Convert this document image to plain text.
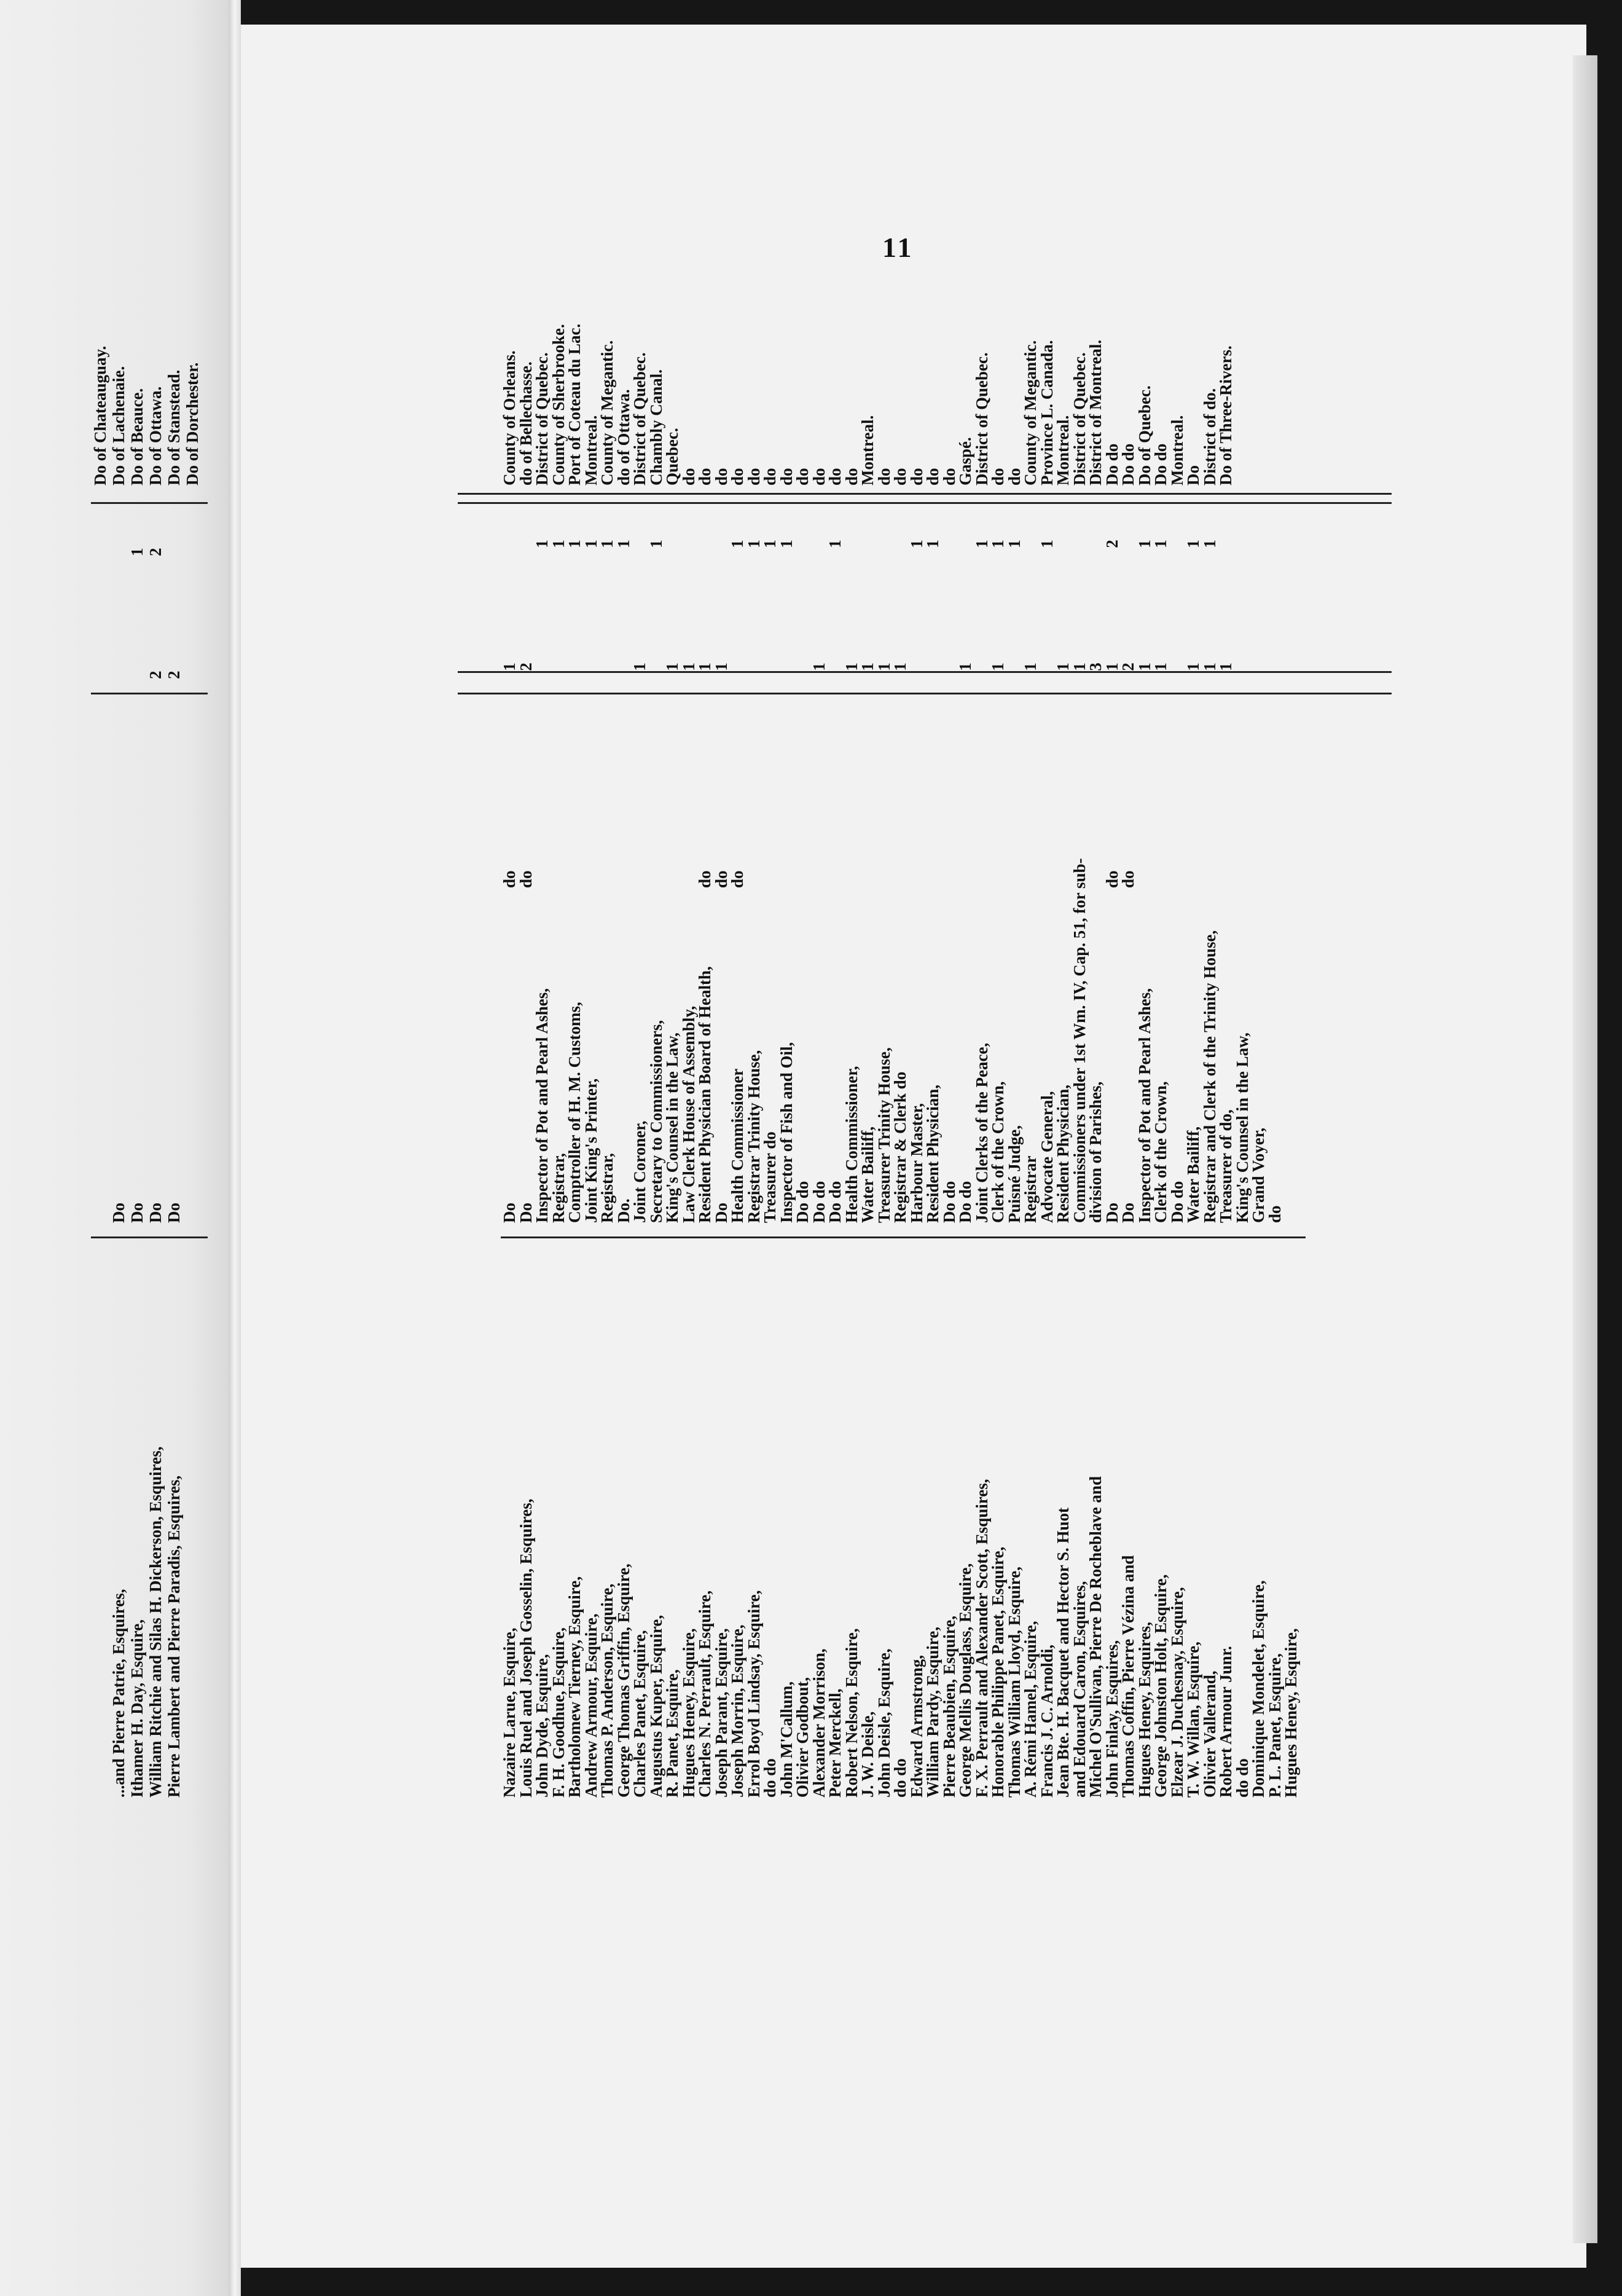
11
Do of Chateauguay.
...and Pierre Patrie, Esquires,
Do
Do of Lachenaie.
Ithamer H. Day, Esquire,
Do
1
Do of Beauce.
William Ritchie and Silas H. Dickerson, Esquires,
Do
2
2
Do of Ottawa.
Pierre Lambert and Pierre Paradis, Esquires,
Do
2
Do of Stanstead.
Do of Dorchester.
Nazaire Larue, Esquire,
Do
1
County of Orleans.
do
Louis Ruel and Joseph Gosselin, Esquires,
Do
2
do of Bellechasse.
do
John Dyde, Esquire,
Inspector of Pot and Pearl Ashes,
1
District of Quebec.
F. H. Goodhue, Esquire,
Registrar,
1
County of Sherbrooke.
Bartholomew Tierney, Esquire,
Comptroller of H. M. Customs,
1
Port of Coteau du Lac.
Andrew Armour, Esquire,
Joint King's Printer,
1
Montreal.
Thomas P. Anderson, Esquire,
Registrar,
1
County of Megantic.
George Thomas Griffin, Esquire,
Do.
1
do of Ottawa.
Charles Panet, Esquire,
Joint Coroner,
1
District of Quebec.
Augustus Kuper, Esquire,
Secretary to Commissioners,
1
Chambly Canal.
R. Panet, Esquire,
King's Counsel in the Law,
1
Quebec.
Hugues Heney, Esquire,
Law Clerk House of Assembly,
1
do
Charles N. Perrault, Esquire,
Resident Physician Board of Health,
1
do
do
Joseph Parant, Esquire,
Do
1
do
do
Joseph Morrin, Esquire,
Health Commissioner
1
do
do
Errol Boyd Lindsay, Esquire,
Registrar Trinity House,
1
do
do do
Treasurer do
1
do
John M'Callum,
Inspector of Fish and Oil,
1
do
Olivier Godbout,
Do do
do
Alexander Morrison,
Do do
1
do
Peter Merckell,
Do do
1
do
Robert Nelson, Esquire,
Health Commissioner,
1
do
J. W. Deisle,
Water Bailiff,
1
Montreal.
John Deisle, Esquire,
Treasurer Trinity House,
1
do
do do
Registrar & Clerk do
1
do
Edward Armstrong,
Harbour Master,
1
do
William Pardy, Esquire,
Resident Physician,
1
do
Pierre Beaubien, Esquire,
Do do
do
George Mellis Douglass, Esquire,
Do do
1
Gaspé.
F. X. Perrault and Alexander Scott, Esquires,
Joint Clerks of the Peace,
1
District of Quebec.
Honorable Philippe Panet, Esquire,
Clerk of the Crown,
1
1
do
Thomas William Lloyd, Esquire,
Puisné Judge,
1
do
A. Rémi Hamel, Esquire,
Registrar
1
County of Megantic.
Francis J. C. Arnoldi,
Advocate General,
1
Province L. Canada.
Jean Bte. H. Bacquet and Hector S. Huot
Resident Physician,
1
Montreal.
and Edouard Caron, Esquires,
Commissioners under 1st Wm. IV, Cap. 51, for sub-
1
District of Quebec.
Michel O'Sullivan, Pierre De Rocheblave and
division of Parishes,
3
District of Montreal.
John Finlay, Esquires,
Do
1
2
Do do
do
Thomas Coffin, Pierre Vézina and
Do
2
Do do
do
Hugues Heney, Esquires,
Inspector of Pot and Pearl Ashes,
1
1
Do of Quebec.
George Johnston Holt, Esquire,
Clerk of the Crown,
1
1
Do do
Elzear J. Duchesnay, Esquire,
Do do
Montreal.
T. W. Willan, Esquire,
Water Bailiff,
1
1
Do
Olivier Vallerand,
Registrar and Clerk of the Trinity House,
1
1
District of do.
Robert Armour Junr.
Treasurer of do,
1
Do of Three-Rivers.
do do
King's Counsel in the Law,
Dominique Mondelet, Esquire,
Grand Voyer,
P. L. Panet, Esquire,
do
Hugues Heney, Esquire,
